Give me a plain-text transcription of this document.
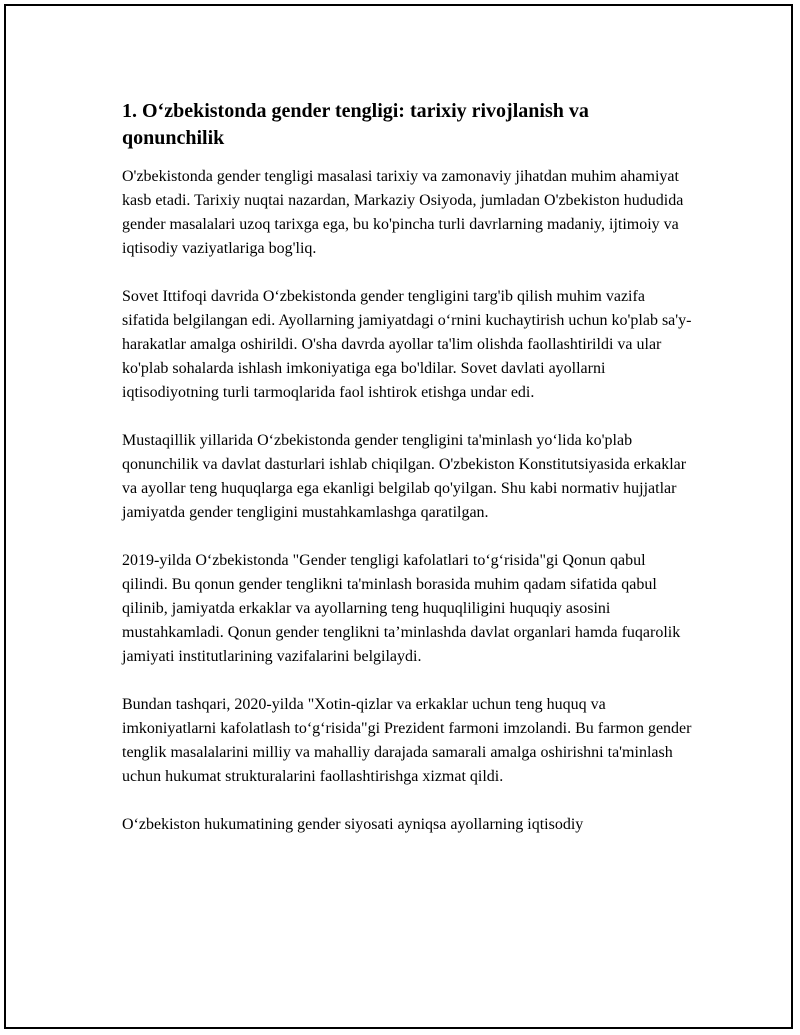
1. O‘zbekistonda gender tengligi: tarixiy rivojlanish va qonunchilik

O'zbekistonda gender tengligi masalasi tarixiy va zamonaviy jihatdan muhim ahamiyat kasb etadi. Tarixiy nuqtai nazardan, Markaziy Osiyoda, jumladan O'zbekiston hududida gender masalalari uzoq tarixga ega, bu ko'pincha turli davrlarning madaniy, ijtimoiy va iqtisodiy vaziyatlariga bog'liq.

Sovet Ittifoqi davrida O‘zbekistonda gender tengligini targ'ib qilish muhim vazifa sifatida belgilangan edi. Ayollarning jamiyatdagi o‘rnini kuchaytirish uchun ko'plab sa'y-harakatlar amalga oshirildi. O'sha davrda ayollar ta'lim olishda faollashtirildi va ular ko'plab sohalarda ishlash imkoniyatiga ega bo'ldilar. Sovet davlati ayollarni iqtisodiyotning turli tarmoqlarida faol ishtirok etishga undar edi.

Mustaqillik yillarida O‘zbekistonda gender tengligini ta'minlash yo‘lida ko'plab qonunchilik va davlat dasturlari ishlab chiqilgan. O'zbekiston Konstitutsiyasida erkaklar va ayollar teng huquqlarga ega ekanligi belgilab qo'yilgan. Shu kabi normativ hujjatlar jamiyatda gender tengligini mustahkamlashga qaratilgan.

2019-yilda O‘zbekistonda "Gender tengligi kafolatlari to‘g‘risida"gi Qonun qabul qilindi. Bu qonun gender tenglikni ta'minlash borasida muhim qadam sifatida qabul qilinib, jamiyatda erkaklar va ayollarning teng huquqliligini huquqiy asosini mustahkamladi. Qonun gender tenglikni ta’minlashda davlat organlari hamda fuqarolik jamiyati institutlarining vazifalarini belgilaydi.

Bundan tashqari, 2020-yilda "Xotin-qizlar va erkaklar uchun teng huquq va imkoniyatlarni kafolatlash to‘g‘risida"gi Prezident farmoni imzolandi. Bu farmon gender tenglik masalalarini milliy va mahalliy darajada samarali amalga oshirishni ta'minlash uchun hukumat strukturalarini faollashtirishga xizmat qildi.

O‘zbekiston hukumatining gender siyosati ayniqsa ayollarning iqtisodiy
